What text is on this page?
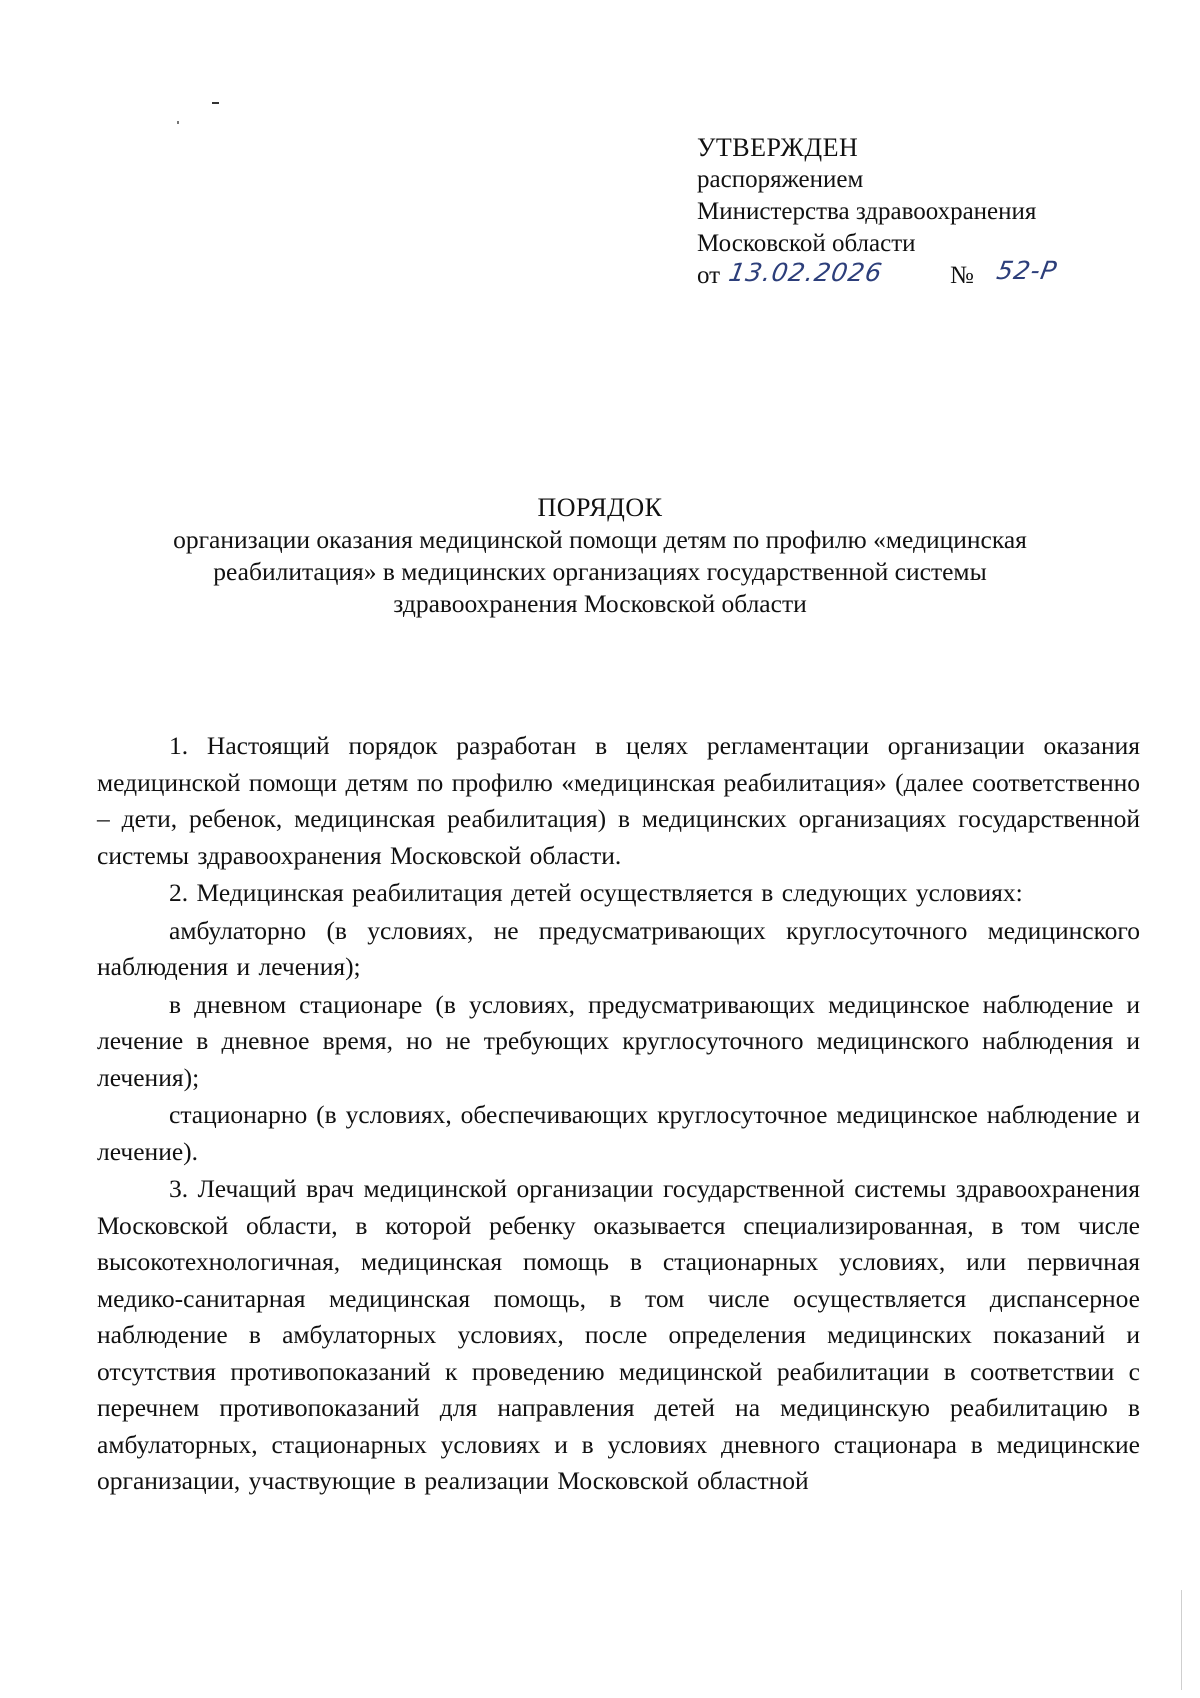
УТВЕРЖДЕН
распоряжением
Министерства здравоохранения
Московской области
от 13.02.2026	№ 52-Р
ПОРЯДОК
организации оказания медицинской помощи детям по профилю «медицинская
реабилитация» в медицинских организациях государственной системы
здравоохранения Московской области

1. Настоящий порядок разработан в целях регламентации организации оказания медицинской помощи детям по профилю «медицинская реабилитация» (далее соответственно – дети, ребенок, медицинская реабилитация) в медицинских организациях государственной системы здравоохранения Московской области.

2. Медицинская реабилитация детей осуществляется в следующих условиях:

амбулаторно (в условиях, не предусматривающих круглосуточного медицинского наблюдения и лечения);

в дневном стационаре (в условиях, предусматривающих медицинское наблюдение и лечение в дневное время, но не требующих круглосуточного медицинского наблюдения и лечения);

стационарно (в условиях, обеспечивающих круглосуточное медицинское наблюдение и лечение).

3. Лечащий врач медицинской организации государственной системы здравоохранения Московской области, в которой ребенку оказывается специализированная, в том числе высокотехнологичная, медицинская помощь в стационарных условиях, или первичная медико-санитарная медицинская помощь, в том числе осуществляется диспансерное наблюдение в амбулаторных условиях, после определения медицинских показаний и отсутствия противопоказаний к проведению медицинской реабилитации в соответствии с перечнем противопоказаний для направления детей на медицинскую реабилитацию в амбулаторных, стационарных условиях и в условиях дневного стационара в медицинские организации, участвующие в реализации Московской областной
